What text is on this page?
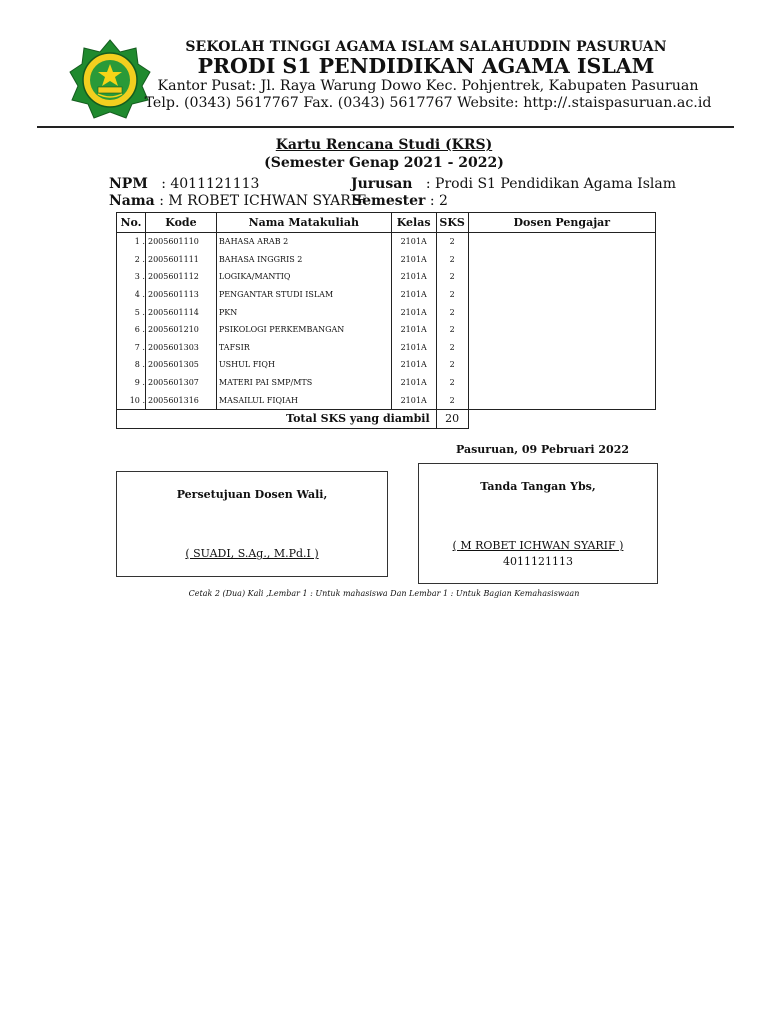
SEKOLAH TINGGI AGAMA ISLAM SALAHUDDIN PASURUAN
PRODI S1 PENDIDIKAN AGAMA ISLAM
Kantor Pusat: Jl. Raya Warung Dowo Kec. Pohjentrek, Kabupaten Pasuruan
Telp. (0343) 5617767 Fax. (0343) 5617767 Website: http://.staispasuruan.ac.id
Kartu Rencana Studi (KRS)
(Semester Genap 2021 - 2022)
NPM : 4011121113	Jurusan : Prodi S1 Pendidikan Agama Islam
Nama : M ROBET ICHWAN SYARIF
Semester : 2
No.	Kode	Nama Matakuliah	Kelas	SKS	Dosen Pengajar
1 .	2005601110	BAHASA ARAB 2	2101A	2	
2 .	2005601111	BAHASA INGGRIS 2	2101A	2	
3 .	2005601112	LOGIKA/MANTIQ	2101A	2	
4 .	2005601113	PENGANTAR STUDI ISLAM	2101A	2	
5 .	2005601114	PKN	2101A	2	
6 .	2005601210	PSIKOLOGI PERKEMBANGAN	2101A	2	
7 .	2005601303	TAFSIR	2101A	2	
8 .	2005601305	USHUL FIQH	2101A	2	
9 .	2005601307	MATERI PAI SMP/MTS	2101A	2	
10 .	2005601316	MASAILUL FIQIAH	2101A	2	
Total SKS yang diambil				20	
Pasuruan, 09 Pebruari 2022
Persetujuan Dosen Wali,
( SUADI, S.Ag., M.Pd.I )
Tanda Tangan Ybs,
( M ROBET ICHWAN SYARIF )
4011121113
Cetak 2 (Dua) Kali ,Lembar 1 : Untuk mahasiswa Dan Lembar 1 : Untuk Bagian Kemahasiswaan
